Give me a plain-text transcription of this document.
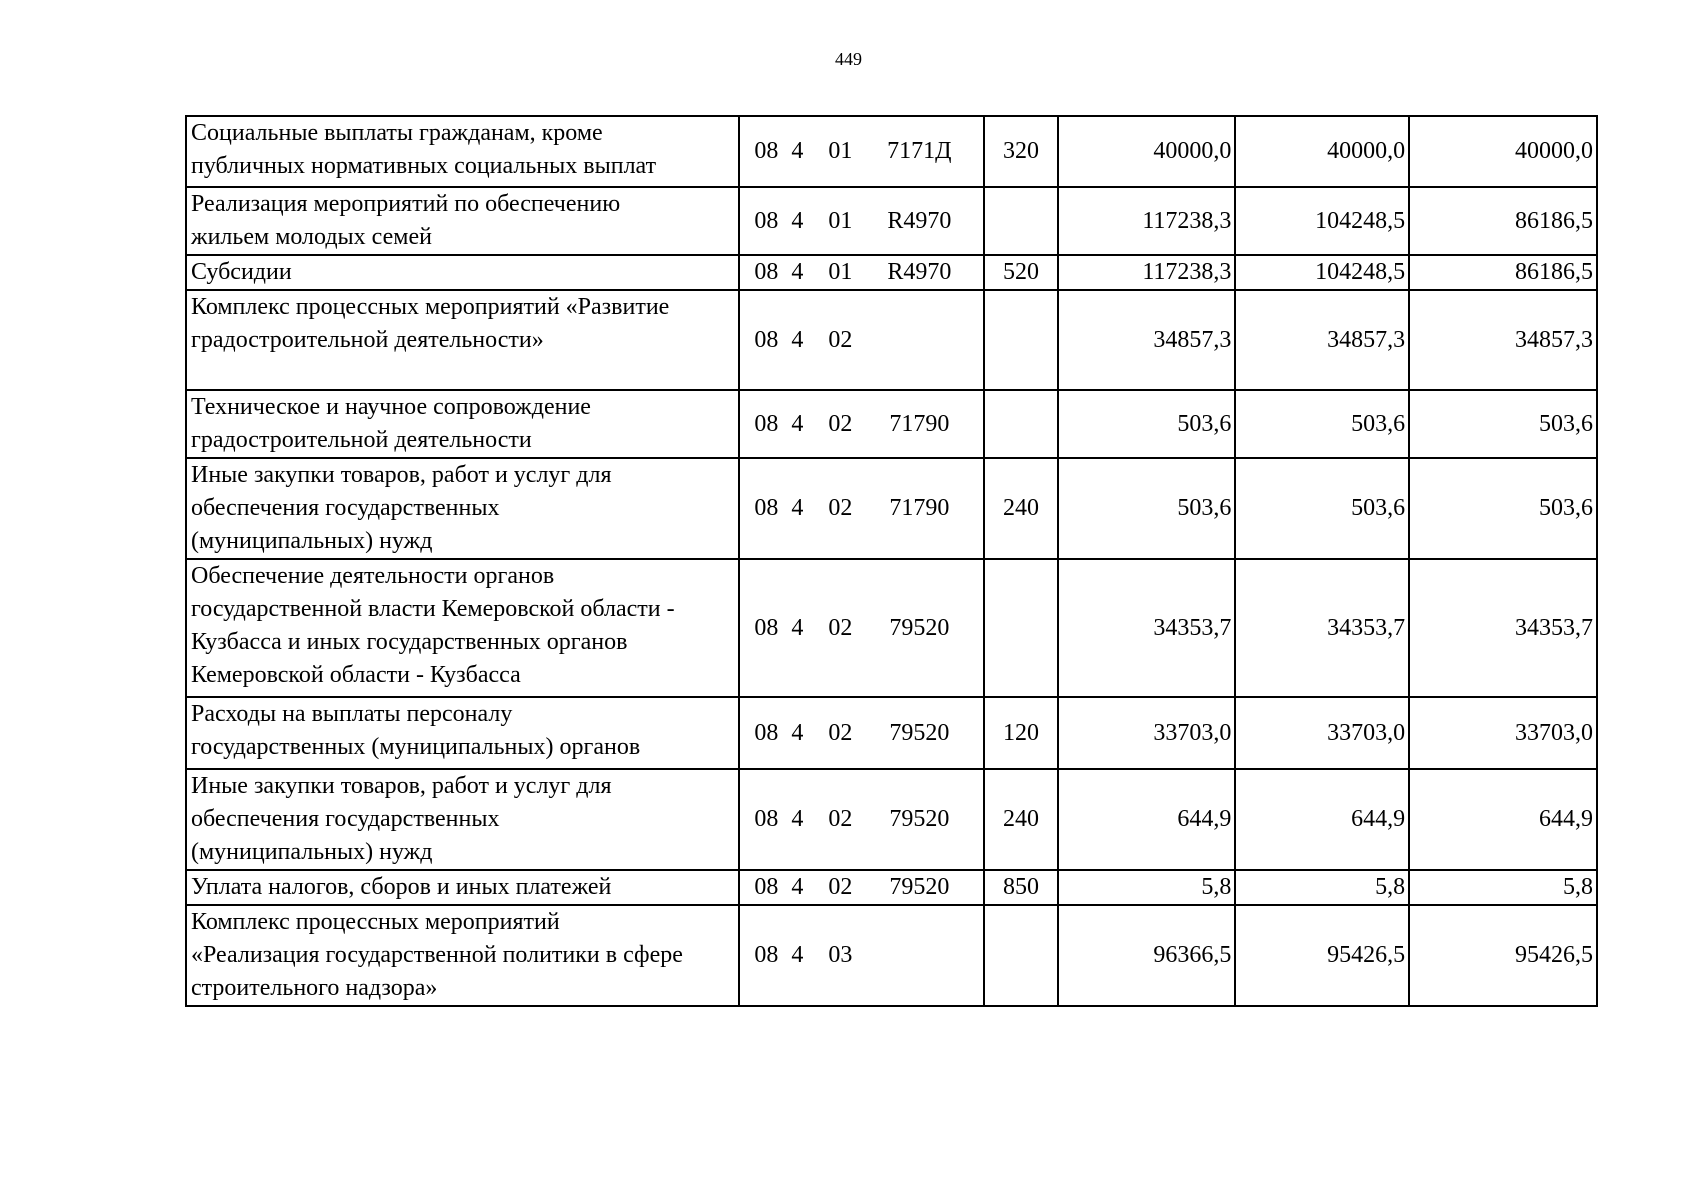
449
Социальные выплаты гражданам, кроме
публичных нормативных социальных выплат	08 4 01 7171Д	320	40000,0	40000,0	40000,0
Реализация мероприятий по обеспечению
жильем молодых семей	08 4 01 R4970		117238,3	104248,5	86186,5
Субсидии	08 4 01 R4970	520	117238,3	104248,5	86186,5
Комплекс процессных мероприятий «Развитие
градостроительной деятельности»	08 4 02		34857,3	34857,3	34857,3
Техническое и научное сопровождение
градостроительной деятельности	08 4 02 71790		503,6	503,6	503,6
Иные закупки товаров, работ и услуг для
обеспечения государственных
(муниципальных) нужд	08 4 02 71790	240	503,6	503,6	503,6
Обеспечение деятельности органов
государственной власти Кемеровской области -
Кузбасса и иных государственных органов
Кемеровской области - Кузбасса	08 4 02 79520		34353,7	34353,7	34353,7
Расходы на выплаты персоналу
государственных (муниципальных) органов	08 4 02 79520	120	33703,0	33703,0	33703,0
Иные закупки товаров, работ и услуг для
обеспечения государственных
(муниципальных) нужд	08 4 02 79520	240	644,9	644,9	644,9
Уплата налогов, сборов и иных платежей	08 4 02 79520	850	5,8	5,8	5,8
Комплекс процессных мероприятий
«Реализация государственной политики в сфере
строительного надзора»	08 4 03		96366,5	95426,5	95426,5
